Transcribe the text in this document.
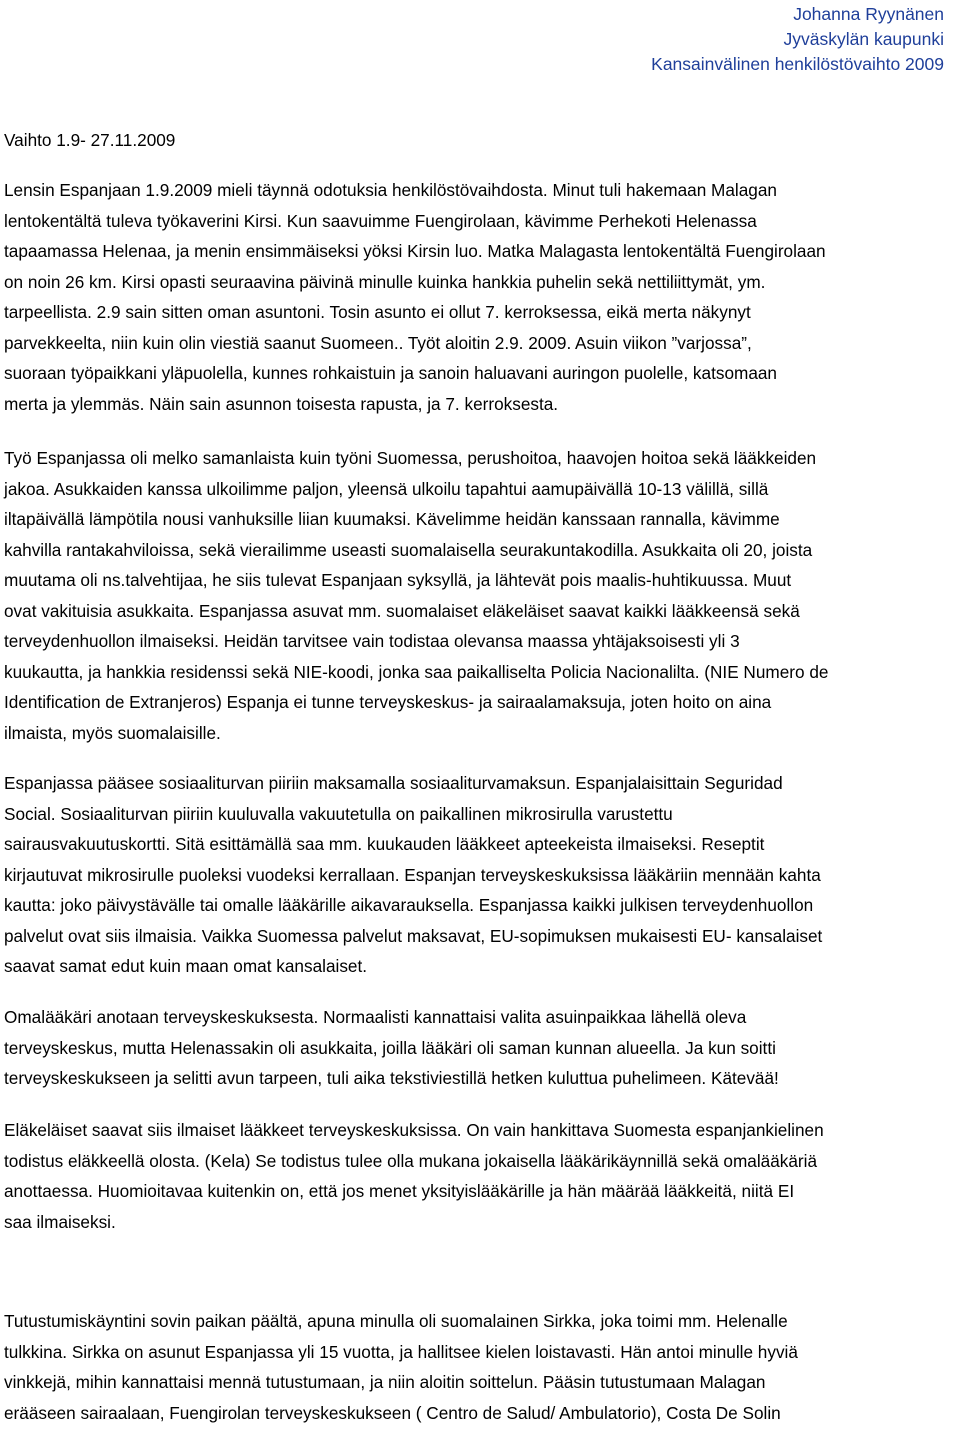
Johanna Ryynänen
Jyväskylän kaupunki
Kansainvälinen henkilöstövaihto 2009

Vaihto 1.9- 27.11.2009

Lensin Espanjaan 1.9.2009 mieli täynnä odotuksia henkilöstövaihdosta. Minut tuli hakemaan Malagan
lentokentältä tuleva työkaverini Kirsi. Kun saavuimme Fuengirolaan, kävimme Perhekoti Helenassa
tapaamassa Helenaa, ja menin ensimmäiseksi yöksi Kirsin luo. Matka Malagasta lentokentältä Fuengirolaan
on noin 26 km. Kirsi opasti seuraavina päivinä minulle kuinka hankkia puhelin sekä nettiliittymät, ym.
tarpeellista. 2.9 sain sitten oman asuntoni. Tosin asunto ei ollut 7. kerroksessa, eikä merta näkynyt
parvekkeelta, niin kuin olin viestiä saanut Suomeen.. Työt aloitin 2.9. 2009. Asuin viikon ”varjossa”,
suoraan työpaikkani yläpuolella, kunnes rohkaistuin ja sanoin haluavani auringon puolelle, katsomaan
merta ja ylemmäs. Näin sain asunnon toisesta rapusta, ja 7. kerroksesta.

Työ Espanjassa oli melko samanlaista kuin työni Suomessa, perushoitoa, haavojen hoitoa sekä lääkkeiden
jakoa. Asukkaiden kanssa ulkoilimme paljon, yleensä ulkoilu tapahtui aamupäivällä 10-13 välillä, sillä
iltapäivällä lämpötila nousi vanhuksille liian kuumaksi. Kävelimme heidän kanssaan rannalla, kävimme
kahvilla rantakahviloissa, sekä vierailimme useasti suomalaisella seurakuntakodilla. Asukkaita oli 20, joista
muutama oli ns.talvehtijaa, he siis tulevat Espanjaan syksyllä, ja lähtevät pois maalis-huhtikuussa. Muut
ovat vakituisia asukkaita. Espanjassa asuvat mm. suomalaiset eläkeläiset saavat kaikki lääkkeensä sekä
terveydenhuollon ilmaiseksi. Heidän tarvitsee vain todistaa olevansa maassa yhtäjaksoisesti yli 3
kuukautta, ja hankkia residenssi sekä NIE-koodi, jonka saa paikalliselta Policia Nacionalilta. (NIE Numero de
Identification de Extranjeros) Espanja ei tunne terveyskeskus- ja sairaalamaksuja, joten hoito on aina
ilmaista, myös suomalaisille.

Espanjassa pääsee sosiaaliturvan piiriin maksamalla sosiaaliturvamaksun. Espanjalaisittain Seguridad
Social. Sosiaaliturvan piiriin kuuluvalla vakuutetulla on paikallinen mikrosirulla varustettu
sairausvakuutuskortti. Sitä esittämällä saa mm. kuukauden lääkkeet apteekeista ilmaiseksi. Reseptit
kirjautuvat mikrosirulle puoleksi vuodeksi kerrallaan. Espanjan terveyskeskuksissa lääkäriin mennään kahta
kautta: joko päivystävälle tai omalle lääkärille aikavarauksella. Espanjassa kaikki julkisen terveydenhuollon
palvelut ovat siis ilmaisia. Vaikka Suomessa palvelut maksavat, EU-sopimuksen mukaisesti EU- kansalaiset
saavat samat edut kuin maan omat kansalaiset.

Omalääkäri anotaan terveyskeskuksesta. Normaalisti kannattaisi valita asuinpaikkaa lähellä oleva
terveyskeskus, mutta Helenassakin oli asukkaita, joilla lääkäri oli saman kunnan alueella. Ja kun soitti
terveyskeskukseen ja selitti avun tarpeen, tuli aika tekstiviestillä hetken kuluttua puhelimeen. Kätevää!

Eläkeläiset saavat siis ilmaiset lääkkeet terveyskeskuksissa. On vain hankittava Suomesta espanjankielinen
todistus eläkkeellä olosta. (Kela) Se todistus tulee olla mukana jokaisella lääkärikäynnillä sekä omalääkäriä
anottaessa. Huomioitavaa kuitenkin on, että jos menet yksityislääkärille ja hän määrää lääkkeitä, niitä EI
saa ilmaiseksi.

Tutustumiskäyntini sovin paikan päältä, apuna minulla oli suomalainen Sirkka, joka toimi mm. Helenalle
tulkkina. Sirkka on asunut Espanjassa yli 15 vuotta, ja hallitsee kielen loistavasti. Hän antoi minulle hyviä
vinkkejä, mihin kannattaisi mennä tutustumaan, ja niin aloitin soittelun. Pääsin tutustumaan Malagan
erääseen sairaalaan, Fuengirolan terveyskeskukseen ( Centro de Salud/ Ambulatorio), Costa De Solin
